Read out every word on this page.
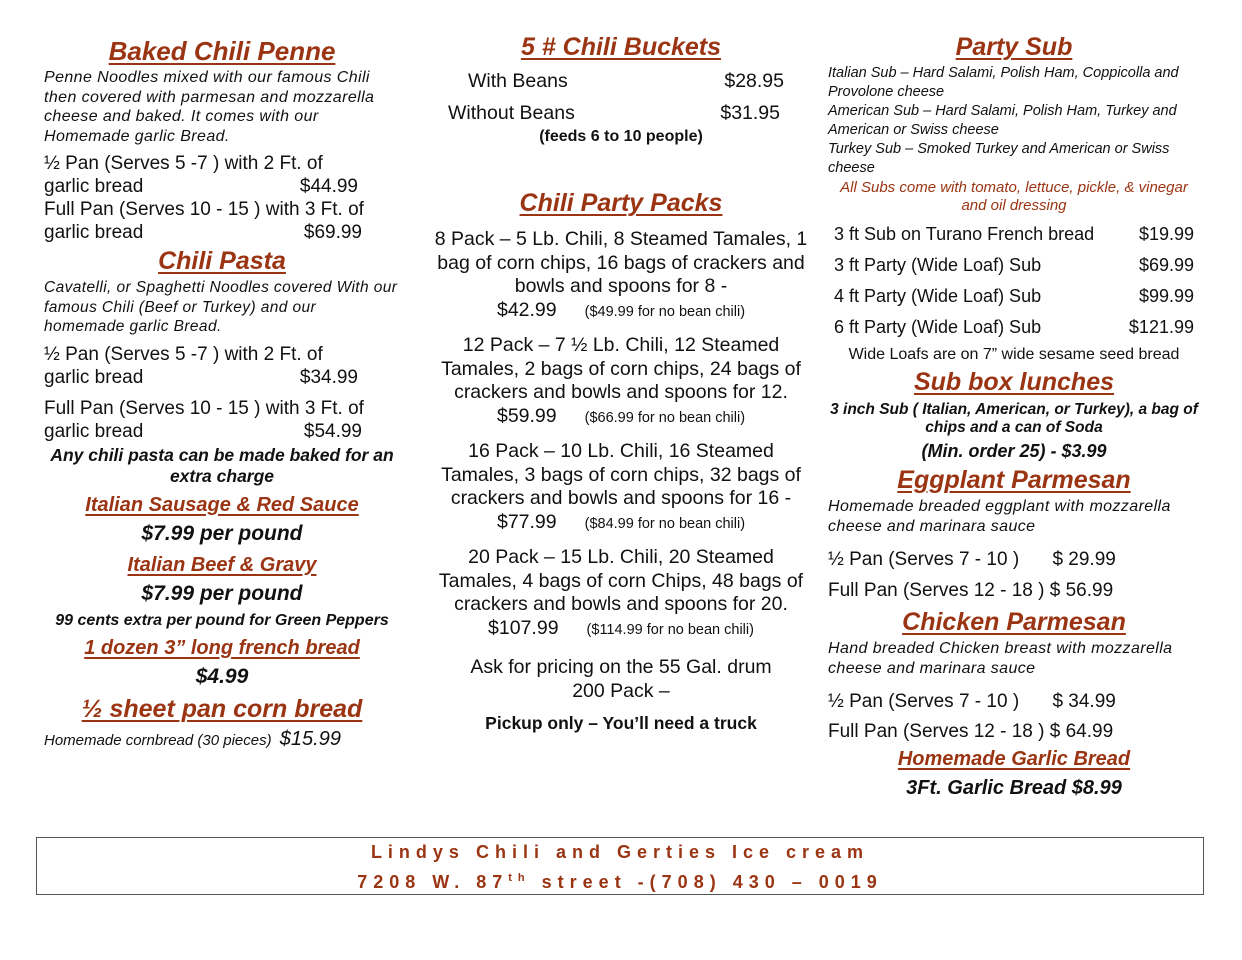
Baked Chili Penne
Penne Noodles mixed with our famous Chili then covered with parmesan and mozzarella cheese and baked. It comes with our Homemade garlic Bread.
½ Pan (Serves 5 -7 ) with 2 Ft. of
garlic bread	$44.99
Full Pan (Serves 10 - 15 ) with 3 Ft. of
garlic bread	$69.99
Chili Pasta
Cavatelli, or Spaghetti Noodles covered With our famous Chili (Beef or Turkey) and our homemade garlic Bread.
½ Pan (Serves 5 -7 ) with 2 Ft. of
garlic bread	$34.99
Full Pan (Serves 10 - 15 ) with 3 Ft. of
garlic bread	$54.99
Any chili pasta can be made baked for an extra charge
Italian Sausage & Red Sauce
$7.99 per pound
Italian Beef & Gravy
$7.99 per pound
99 cents extra per pound for Green Peppers
1 dozen 3” long french bread
$4.99
½ sheet pan corn bread
Homemade cornbread (30 pieces) $15.99
5 # Chili Buckets
With Beans	$28.95
Without Beans	$31.95
(feeds 6 to 10 people)
Chili Party Packs
8 Pack – 5 Lb. Chili, 8 Steamed Tamales, 1 bag of corn chips, 16 bags of crackers and bowls and spoons for 8 -
$42.99 ($49.99 for no bean chili)
12 Pack – 7 ½ Lb. Chili, 12 Steamed Tamales, 2 bags of corn chips, 24 bags of crackers and bowls and spoons for 12.
$59.99 ($66.99 for no bean chili)
16 Pack – 10 Lb. Chili, 16 Steamed Tamales, 3 bags of corn chips, 32 bags of crackers and bowls and spoons for 16 -
$77.99 ($84.99 for no bean chili)
20 Pack – 15 Lb. Chili, 20 Steamed Tamales, 4 bags of corn Chips, 48 bags of crackers and bowls and spoons for 20.
$107.99 ($114.99 for no bean chili)
Ask for pricing on the 55 Gal. drum 200 Pack –
Pickup only – You’ll need a truck
Party Sub
Italian Sub – Hard Salami, Polish Ham, Coppicolla and Provolone cheese
American Sub – Hard Salami, Polish Ham, Turkey and American or Swiss cheese
Turkey Sub – Smoked Turkey and American or Swiss cheese
All Subs come with tomato, lettuce, pickle, & vinegar and oil dressing
3 ft Sub on Turano French bread $19.99
3 ft Party (Wide Loaf) Sub	$69.99
4 ft Party (Wide Loaf) Sub	$99.99
6 ft Party (Wide Loaf) Sub	$121.99
Wide Loafs are on 7” wide sesame seed bread
Sub box lunches
3 inch Sub ( Italian, American, or Turkey), a bag of chips and a can of Soda
(Min. order 25) - $3.99
Eggplant Parmesan
Homemade breaded eggplant with mozzarella cheese and marinara sauce
½ Pan (Serves 7 - 10 ) $ 29.99
Full Pan (Serves 12 - 18 ) $ 56.99
Chicken Parmesan
Hand breaded Chicken breast with mozzarella cheese and marinara sauce
½ Pan (Serves 7 - 10 ) $ 34.99
Full Pan (Serves 12 - 18 ) $ 64.99
Homemade Garlic Bread
3Ft. Garlic Bread $8.99
Lindys Chili and Gerties Ice cream
7208 W. 87th street -(708) 430 – 0019
